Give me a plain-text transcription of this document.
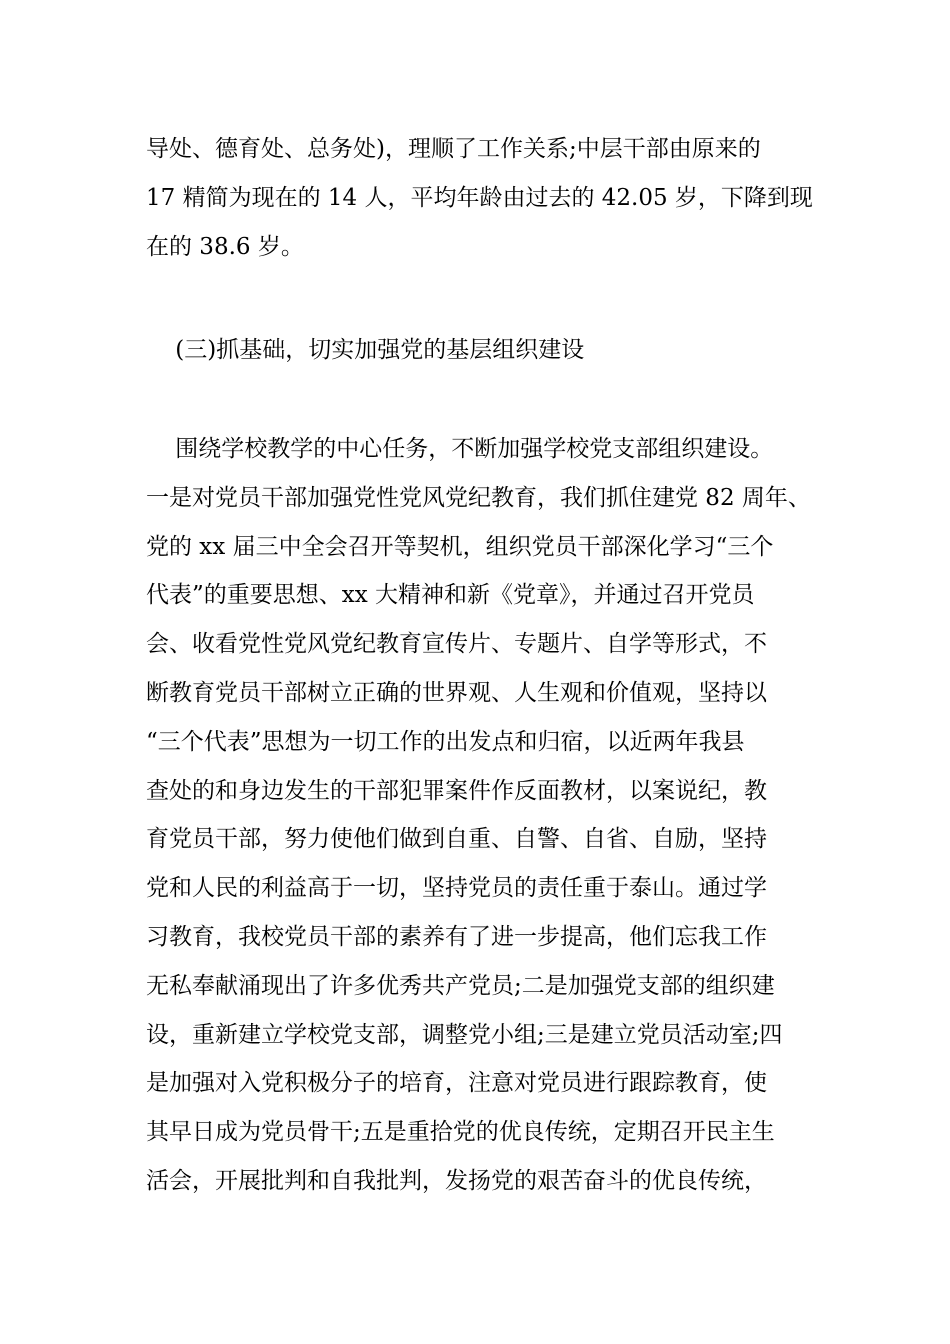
导处、德育处、总务处)，理顺了工作关系;中层干部由原来的
17 精简为现在的 14 人，平均年龄由过去的 42.05 岁，下降到现
在的 38.6 岁。
(三)抓基础，切实加强党的基层组织建设
围绕学校教学的中心任务，不断加强学校党支部组织建设。
一是对党员干部加强党性党风党纪教育，我们抓住建党 82 周年、
党的 xx 届三中全会召开等契机，组织党员干部深化学习“三个
代表”的重要思想、xx 大精神和新《党章》，并通过召开党员
会、收看党性党风党纪教育宣传片、专题片、自学等形式，不
断教育党员干部树立正确的世界观、人生观和价值观，坚持以
“三个代表”思想为一切工作的出发点和归宿，以近两年我县
查处的和身边发生的干部犯罪案件作反面教材，以案说纪，教
育党员干部，努力使他们做到自重、自警、自省、自励，坚持
党和人民的利益高于一切，坚持党员的责任重于泰山。通过学
习教育，我校党员干部的素养有了进一步提高，他们忘我工作
无私奉献涌现出了许多优秀共产党员;二是加强党支部的组织建
设，重新建立学校党支部，调整党小组;三是建立党员活动室;四
是加强对入党积极分子的培育，注意对党员进行跟踪教育，使
其早日成为党员骨干;五是重拾党的优良传统，定期召开民主生
活会，开展批判和自我批判，发扬党的艰苦奋斗的优良传统，
